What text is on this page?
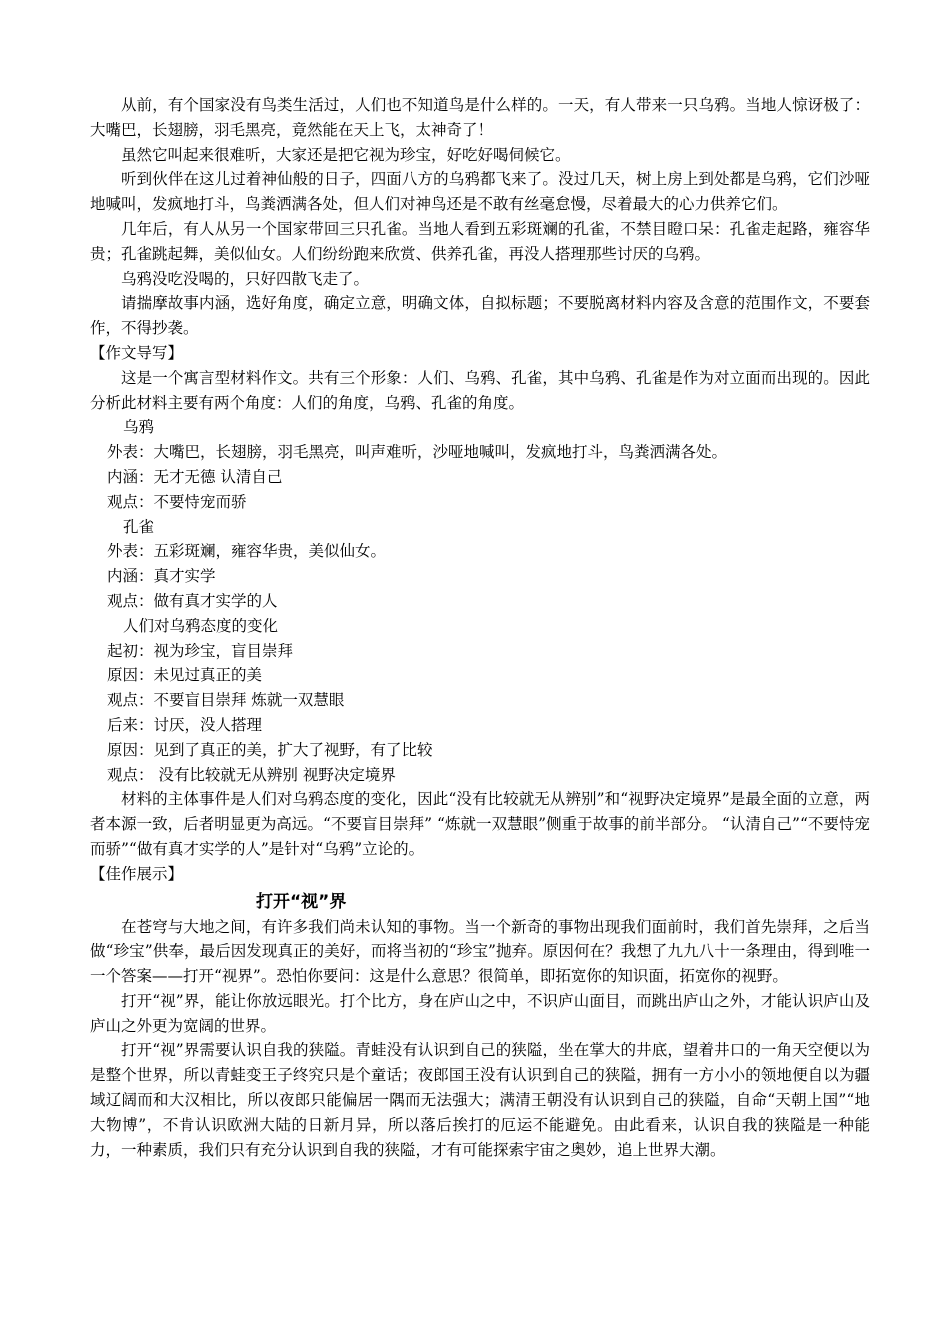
从前，有个国家没有鸟类生活过，人们也不知道鸟是什么样的。一天，有人带来一只乌鸦。当地人惊讶极了：大嘴巴，长翅膀，羽毛黑亮，竟然能在天上飞，太神奇了！

虽然它叫起来很难听，大家还是把它视为珍宝，好吃好喝伺候它。

听到伙伴在这儿过着神仙般的日子，四面八方的乌鸦都飞来了。没过几天，树上房上到处都是乌鸦，它们沙哑地喊叫，发疯地打斗，鸟粪洒满各处，但人们对神鸟还是不敢有丝毫怠慢，尽着最大的心力供养它们。

几年后，有人从另一个国家带回三只孔雀。当地人看到五彩斑斓的孔雀，不禁目瞪口呆：孔雀走起路，雍容华贵；孔雀跳起舞，美似仙女。人们纷纷跑来欣赏、供养孔雀，再没人搭理那些讨厌的乌鸦。

乌鸦没吃没喝的，只好四散飞走了。

请揣摩故事内涵，选好角度，确定立意，明确文体，自拟标题；不要脱离材料内容及含意的范围作文，不要套作，不得抄袭。

【作文导写】

这是一个寓言型材料作文。共有三个形象：人们、乌鸦、孔雀，其中乌鸦、孔雀是作为对立面而出现的。因此分析此材料主要有两个角度：人们的角度，乌鸦、孔雀的角度。

乌鸦

外表：大嘴巴，长翅膀，羽毛黑亮，叫声难听，沙哑地喊叫，发疯地打斗，鸟粪洒满各处。

内涵：无才无德 认清自己

观点：不要恃宠而骄

孔雀

外表：五彩斑斓，雍容华贵，美似仙女。

内涵：真才实学

观点：做有真才实学的人

人们对乌鸦态度的变化

起初：视为珍宝，盲目崇拜

原因：未见过真正的美

观点：不要盲目崇拜 炼就一双慧眼

后来：讨厌，没人搭理

原因：见到了真正的美，扩大了视野，有了比较

观点： 没有比较就无从辨别 视野决定境界

材料的主体事件是人们对乌鸦态度的变化，因此“没有比较就无从辨别”和“视野决定境界”是最全面的立意，两者本源一致，后者明显更为高远。“不要盲目崇拜” “炼就一双慧眼”侧重于故事的前半部分。 “认清自己”“不要恃宠而骄”“做有真才实学的人”是针对“乌鸦”立论的。

【佳作展示】

打开“视”界

在苍穹与大地之间，有许多我们尚未认知的事物。当一个新奇的事物出现我们面前时，我们首先崇拜，之后当做“珍宝”供奉，最后因发现真正的美好，而将当初的“珍宝”抛弃。原因何在？我想了九九八十一条理由，得到唯一一个答案——打开“视界”。恐怕你要问：这是什么意思？很简单，即拓宽你的知识面，拓宽你的视野。

打开“视”界，能让你放远眼光。打个比方，身在庐山之中，不识庐山面目，而跳出庐山之外，才能认识庐山及庐山之外更为宽阔的世界。

打开“视”界需要认识自我的狭隘。青蛙没有认识到自己的狭隘，坐在掌大的井底，望着井口的一角天空便以为是整个世界，所以青蛙变王子终究只是个童话；夜郎国王没有认识到自己的狭隘，拥有一方小小的领地便自以为疆域辽阔而和大汉相比，所以夜郎只能偏居一隅而无法强大；满清王朝没有认识到自己的狭隘，自命“天朝上国”“地大物博”，不肯认识欧洲大陆的日新月异，所以落后挨打的厄运不能避免。由此看来，认识自我的狭隘是一种能力，一种素质，我们只有充分认识到自我的狭隘，才有可能探索宇宙之奥妙，追上世界大潮。
